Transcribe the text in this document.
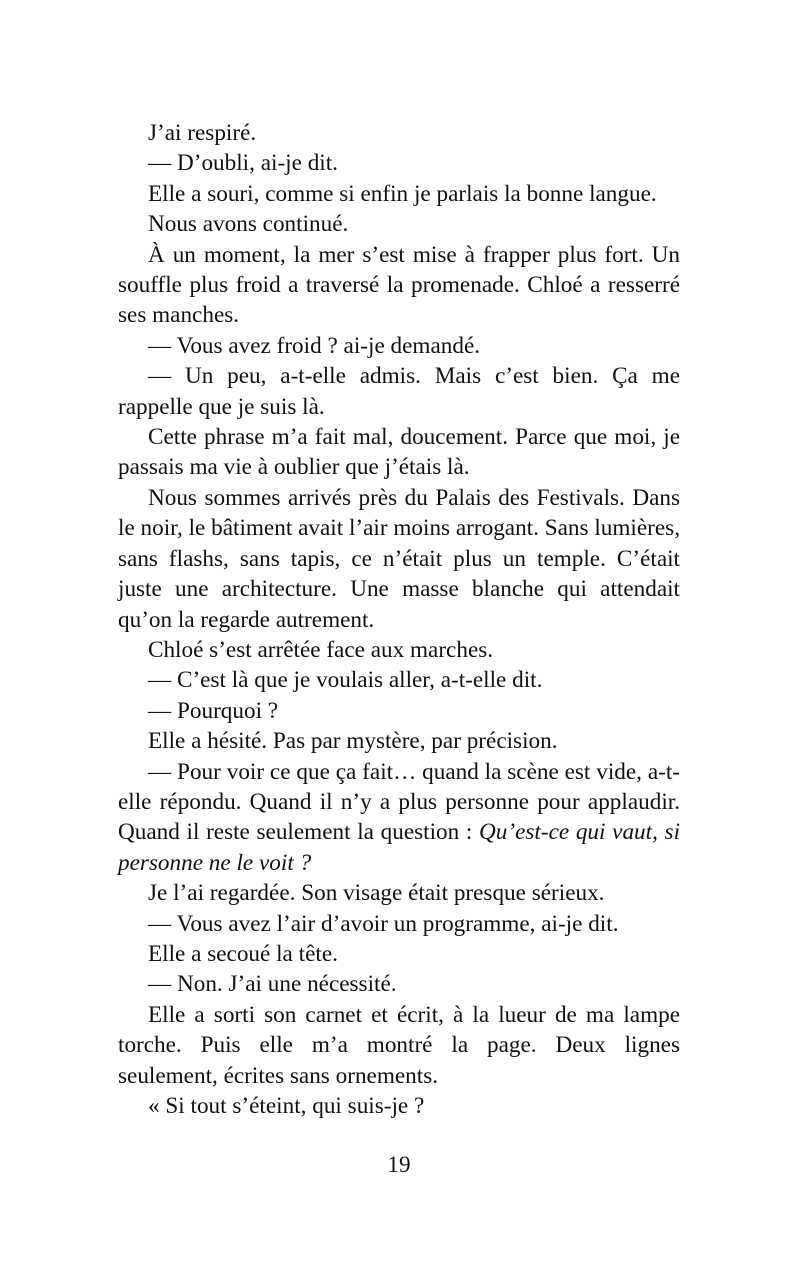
J’ai respiré.

— D’oubli, ai-je dit.

Elle a souri, comme si enfin je parlais la bonne langue.

Nous avons continué.

À un moment, la mer s’est mise à frapper plus fort. Un souffle plus froid a traversé la promenade. Chloé a resserré ses manches.

— Vous avez froid ? ai-je demandé.

— Un peu, a-t-elle admis. Mais c’est bien. Ça me rappelle que je suis là.

Cette phrase m’a fait mal, doucement. Parce que moi, je passais ma vie à oublier que j’étais là.

Nous sommes arrivés près du Palais des Festivals. Dans le noir, le bâtiment avait l’air moins arrogant. Sans lumières, sans flashs, sans tapis, ce n’était plus un temple. C’était juste une architecture. Une masse blanche qui attendait qu’on la regarde autrement.

Chloé s’est arrêtée face aux marches.

— C’est là que je voulais aller, a-t-elle dit.

— Pourquoi ?

Elle a hésité. Pas par mystère, par précision.

— Pour voir ce que ça fait… quand la scène est vide, a-t-elle répondu. Quand il n’y a plus personne pour applaudir. Quand il reste seulement la question : Qu’est-ce qui vaut, si personne ne le voit ?

Je l’ai regardée. Son visage était presque sérieux.

— Vous avez l’air d’avoir un programme, ai-je dit.

Elle a secoué la tête.

— Non. J’ai une nécessité.

Elle a sorti son carnet et écrit, à la lueur de ma lampe torche. Puis elle m’a montré la page. Deux lignes seulement, écrites sans ornements.

« Si tout s’éteint, qui suis-je ?

19
